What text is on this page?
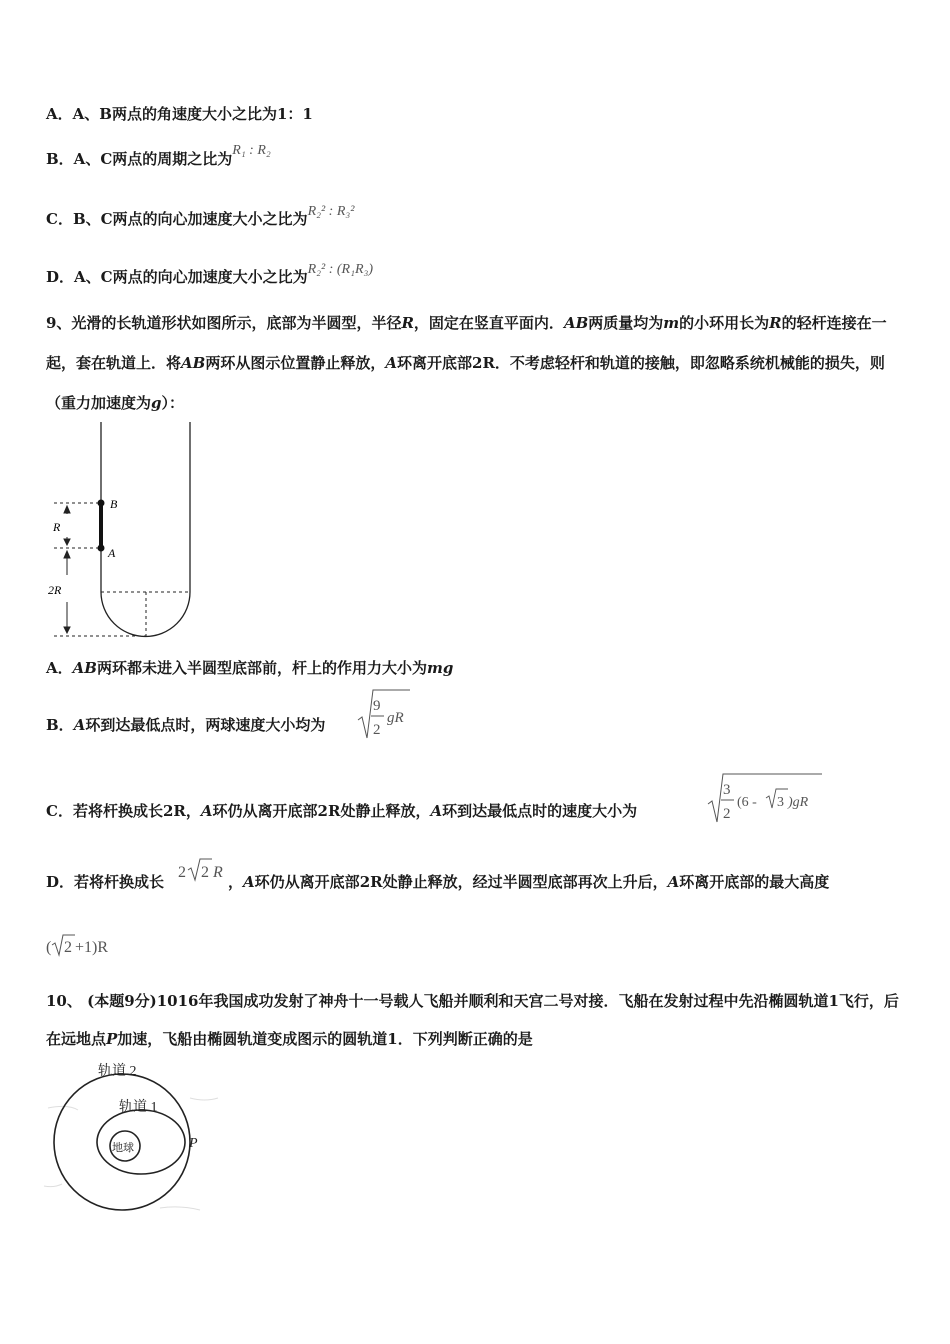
A．A、B两点的角速度大小之比为1：1
B．A、C两点的周期之比为R₁ : R₂
C．B、C两点的向心加速度大小之比为R₂² : R₃²
D．A、C两点的向心加速度大小之比为R₂² : (R₁R₃)
9、光滑的长轨道形状如图所示，底部为半圆型，半径R，固定在竖直平面内．AB两质量均为m的小环用长为R的轻杆连接在一起，套在轨道上．将AB两环从图示位置静止释放，A环离开底部2R．不考虑轻杆和轨道的接触，即忽略系统机械能的损失，则（重力加速度为g）：
B
A
R
2R
A．AB两环都未进入半圆型底部前，杆上的作用力大小为mg
B．A环到达最低点时，两球速度大小均为
9
2
gR
C．若将杆换成长2R，A环仍从离开底部2R处静止释放，A环到达最低点时的速度大小为
3
2
(6 - 3 )gR
D．若将杆换成长	，A环仍从离开底部2R处静止释放，经过半圆型底部再次上升后，A环离开底部的最大高度
2 2 R
( 2 +1)R
10、 (本题9分)1016年我国成功发射了神舟十一号载人飞船并顺利和天宫二号对接．飞船在发射过程中先沿椭圆轨道1飞行，后在远地点P加速，飞船由椭圆轨道变成图示的圆轨道1．下列判断正确的是
地球
轨道 2
轨道 1
P
